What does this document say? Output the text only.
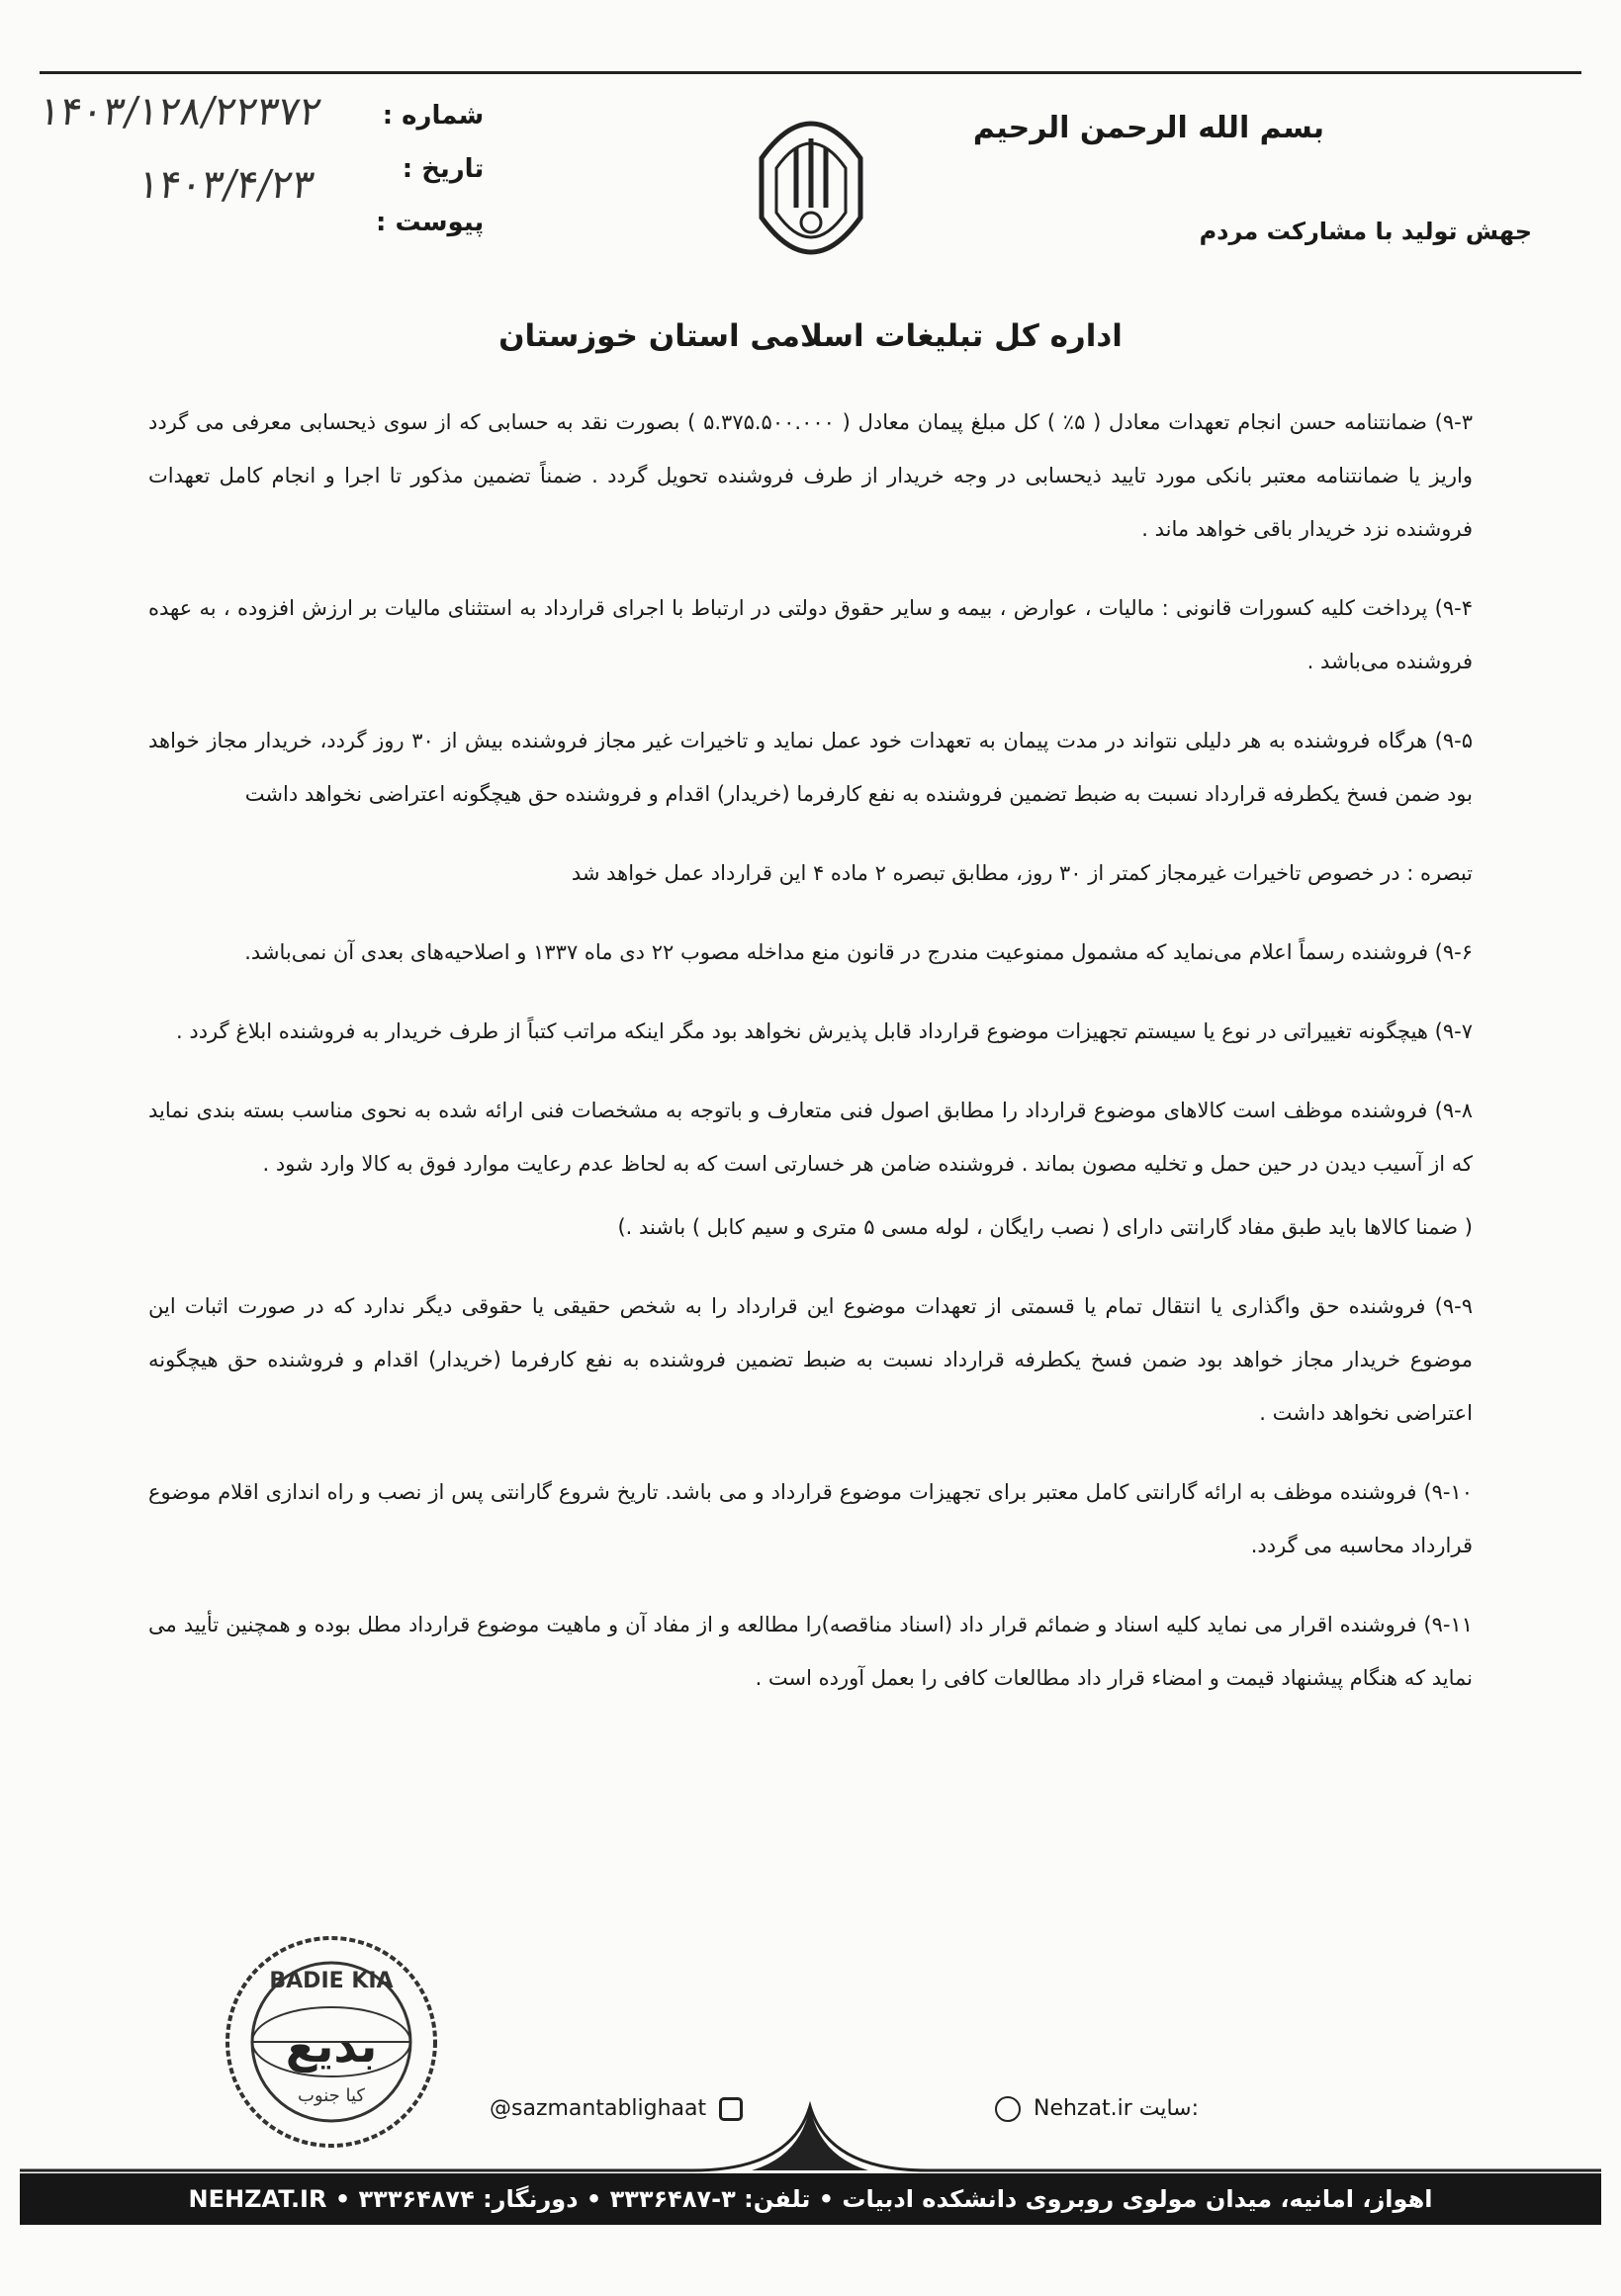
بسم الله الرحمن الرحیم
جهش تولید با مشارکت مردم
اداره کل تبلیغات اسلامی استان خوزستان
شماره :
تاریخ :
پیوست :
۱۴۰۳/۱۲۸/۲۲۳۷۲
۱۴۰۳/۴/۲۳

۹-۳) ضمانتنامه حسن انجام تعهدات معادل ( ۵٪ ) کل مبلغ پیمان معادل ( ۵.۳۷۵.۵۰۰.۰۰۰ ) بصورت نقد به حسابی که از سوی ذیحسابی معرفی می گردد واریز یا ضمانتنامه معتبر بانکی مورد تایید ذیحسابی در وجه خریدار از طرف فروشنده تحویل گردد . ضمناً تضمین مذکور تا اجرا و انجام کامل تعهدات فروشنده نزد خریدار باقی خواهد ماند .

۹-۴) پرداخت کلیه کسورات قانونی : مالیات ، عوارض ، بیمه و سایر حقوق دولتی در ارتباط با اجرای قرارداد به استثنای مالیات بر ارزش افزوده ، به عهده فروشنده می‌باشد .

۹-۵) هرگاه فروشنده به هر دلیلی نتواند در مدت پیمان به تعهدات خود عمل نماید و تاخیرات غیر مجاز فروشنده بیش از ۳۰ روز گردد، خریدار مجاز خواهد بود ضمن فسخ یکطرفه قرارداد نسبت به ضبط تضمین فروشنده به نفع کارفرما (خریدار) اقدام و فروشنده حق هیچگونه اعتراضی نخواهد داشت

تبصره : در خصوص تاخیرات غیرمجاز کمتر از ۳۰ روز، مطابق تبصره ۲ ماده ۴ این قرارداد عمل خواهد شد

۹-۶) فروشنده رسماً اعلام می‌نماید که مشمول ممنوعیت مندرج در قانون منع مداخله مصوب ۲۲ دی ماه ۱۳۳۷ و اصلاحیه‌های بعدی آن نمی‌باشد.

۹-۷) هیچگونه تغییراتی در نوع یا سیستم تجهیزات موضوع قرارداد قابل پذیرش نخواهد بود مگر اینکه مراتب کتباً از طرف خریدار به فروشنده ابلاغ گردد .

۹-۸) فروشنده موظف است کالاهای موضوع قرارداد را مطابق اصول فنی متعارف و باتوجه به مشخصات فنی ارائه شده به نحوی مناسب بسته بندی نماید که از آسیب دیدن در حین حمل و تخلیه مصون بماند . فروشنده ضامن هر خسارتی است که به لحاظ عدم رعایت موارد فوق به کالا وارد شود .

( ضمنا کالاها باید طبق مفاد گارانتی دارای ( نصب رایگان ، لوله مسی ۵ متری و سیم کابل ) باشند .)

۹-۹) فروشنده حق واگذاری یا انتقال تمام یا قسمتی از تعهدات موضوع این قرارداد را به شخص حقیقی یا حقوقی دیگر ندارد که در صورت اثبات این موضوع خریدار مجاز خواهد بود ضمن فسخ یکطرفه قرارداد نسبت به ضبط تضمین فروشنده به نفع کارفرما (خریدار) اقدام و فروشنده حق هیچگونه اعتراضی نخواهد داشت .

۹-۱۰) فروشنده موظف به ارائه گارانتی کامل معتبر برای تجهیزات موضوع قرارداد و می باشد. تاریخ شروع گارانتی پس از نصب و راه اندازی اقلام موضوع قرارداد محاسبه می گردد.

۹-۱۱) فروشنده اقرار می نماید کلیه اسناد و ضمائم قرار داد (اسناد مناقصه)را مطالعه و از مفاد آن و ماهیت موضوع قرارداد مطل بوده و همچنین تأیید می نماید که هنگام پیشنهاد قیمت و امضاء قرار داد مطالعات کافی را بعمل آورده است .

BADIE KIA
بدیع
کیا جنوب
@sazmantablighaat	Nehzat.ir سایت:
اهواز، امانیه، میدان مولوی روبروی دانشکده ادبیات • تلفن: ۳-۳۳۳۶۴۸۷ • دورنگار: ۳۳۳۶۴۸۷۴ • NEHZAT.IR
